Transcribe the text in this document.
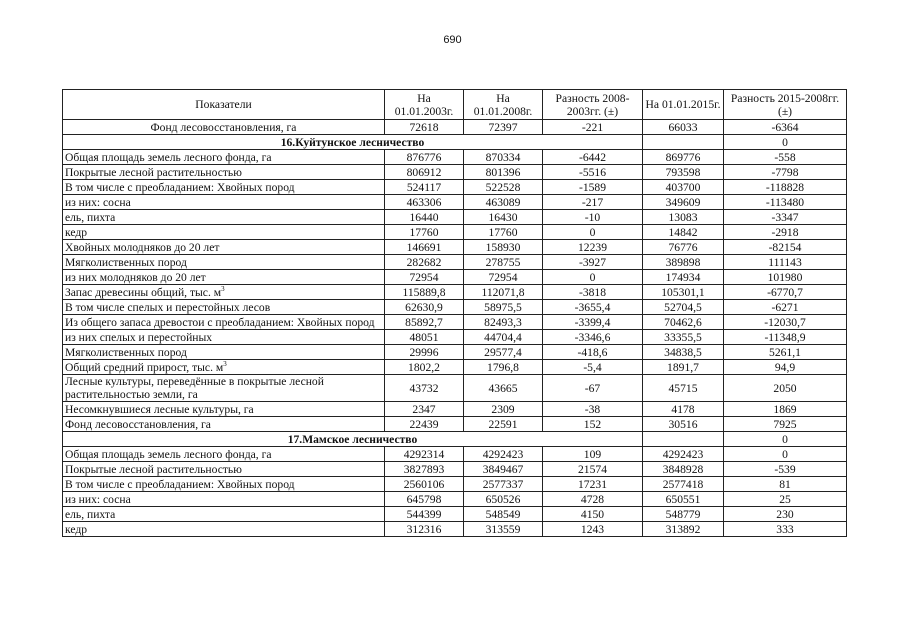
690
Показатели	На 01.01.2003г.	На 01.01.2008г.	Разность 2008-2003гг. (±)	На 01.01.2015г.	Разность 2015-2008гг. (±)
Фонд лесовосстановления, га	72618	72397	-221	66033	-6364
16.Куйтунское лесничество					0
Общая площадь земель лесного фонда, га	876776	870334	-6442	869776	-558
Покрытые лесной растительностью	806912	801396	-5516	793598	-7798
В том числе с преобладанием: Хвойных пород	524117	522528	-1589	403700	-118828
из них: сосна	463306	463089	-217	349609	-113480
ель, пихта	16440	16430	-10	13083	-3347
кедр	17760	17760	0	14842	-2918
Хвойных молодняков до 20 лет	146691	158930	12239	76776	-82154
Мягколиственных пород	282682	278755	-3927	389898	111143
из них молодняков до 20 лет	72954	72954	0	174934	101980
Запас древесины общий, тыс. $м^3$	115889,8	112071,8	-3818	105301,1	-6770,7
В том числе спелых и перестойных лесов	62630,9	58975,5	-3655,4	52704,5	-6271
Из общего запаса древостои с преобладанием: Хвойных пород	85892,7	82493,3	-3399,4	70462,6	-12030,7
из них спелых и перестойных	48051	44704,4	-3346,6	33355,5	-11348,9
Мягколиственных пород	29996	29577,4	-418,6	34838,5	5261,1
Общий средний прирост, тыс. $м^3$	1802,2	1796,8	-5,4	1891,7	94,9
Лесные культуры, переведённые в покрытые лесной растительностью земли, га	43732	43665	-67	45715	2050
Несомкнувшиеся лесные культуры, га	2347	2309	-38	4178	1869
Фонд лесовосстановления, га	22439	22591	152	30516	7925
17.Мамское лесничество					0
Общая площадь земель лесного фонда, га	4292314	4292423	109	4292423	0
Покрытые лесной растительностью	3827893	3849467	21574	3848928	-539
В том числе с преобладанием: Хвойных пород	2560106	2577337	17231	2577418	81
из них: сосна	645798	650526	4728	650551	25
ель, пихта	544399	548549	4150	548779	230
кедр	312316	313559	1243	313892	333
